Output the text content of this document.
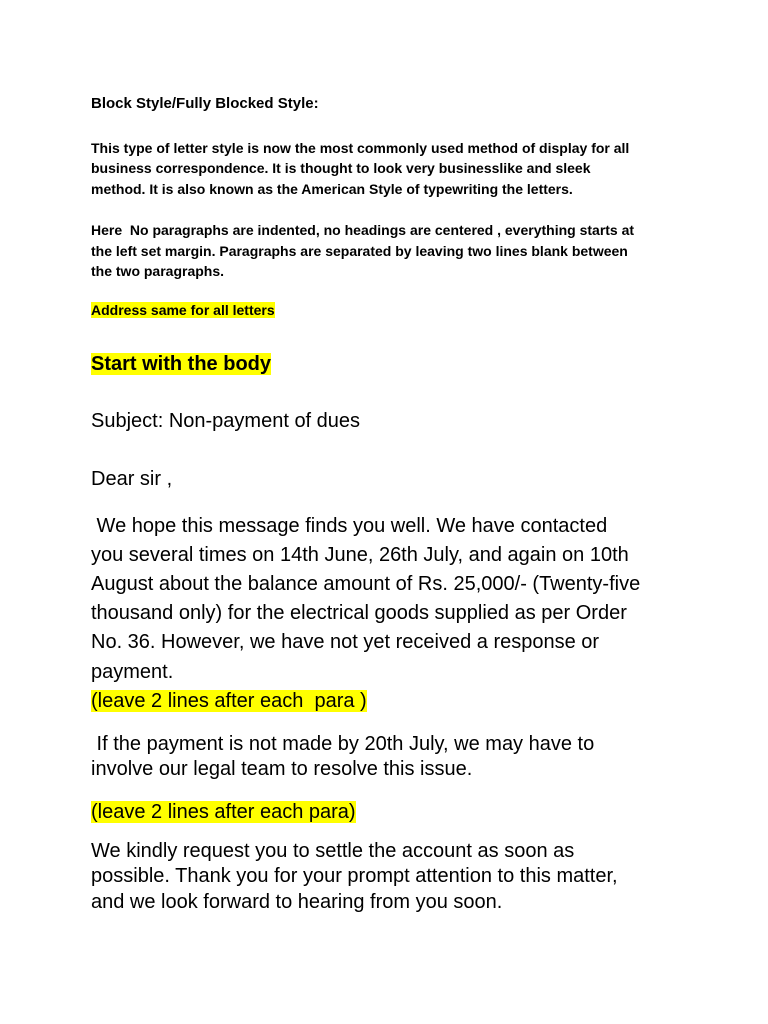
Block Style/Fully Blocked Style:

This type of letter style is now the most commonly used method of display for all

business correspondence. It is thought to look very businesslike and sleek

method. It is also known as the American Style of typewriting the letters.

Here  No paragraphs are indented, no headings are centered , everything starts at

the left set margin. Paragraphs are separated by leaving two lines blank between

the two paragraphs.

Address same for all letters

Start with the body

Subject: Non-payment of dues

Dear sir ,

We hope this message finds you well. We have contacted

you several times on 14th June, 26th July, and again on 10th

August about the balance amount of Rs. 25,000/- (Twenty-five

thousand only) for the electrical goods supplied as per Order

No. 36. However, we have not yet received a response or

payment.

(leave 2 lines after each  para )

If the payment is not made by 20th July, we may have to

involve our legal team to resolve this issue.

(leave 2 lines after each para)

We kindly request you to settle the account as soon as

possible. Thank you for your prompt attention to this matter,

and we look forward to hearing from you soon.
